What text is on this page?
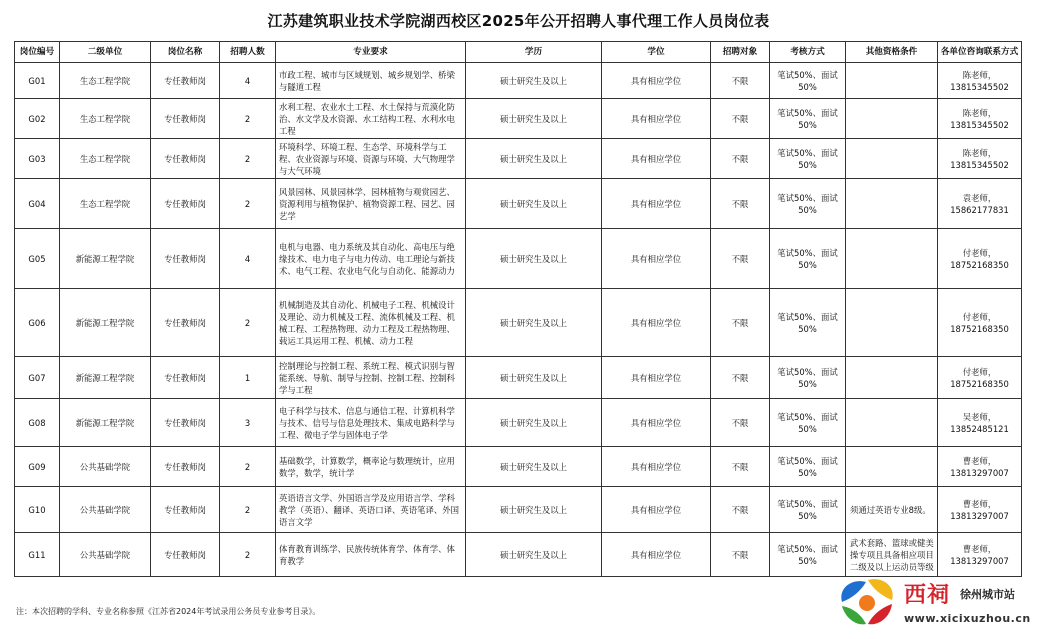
江苏建筑职业技术学院湖西校区2025年公开招聘人事代理工作人员岗位表
岗位编号	二级单位	岗位名称	招聘人数	专业要求	学历	学位	招聘对象	考核方式	其他资格条件	各单位咨询联系方式
G01	生态工程学院	专任教师岗	4	市政工程、城市与区域规划、城乡规划学、桥梁与隧道工程	硕士研究生及以上	具有相应学位	不限	笔试50%、面试50%		陈老师，13815345502
G02	生态工程学院	专任教师岗	2	水利工程、农业水土工程、水土保持与荒漠化防治、水文学及水资源、水工结构工程、水利水电工程	硕士研究生及以上	具有相应学位	不限	笔试50%、面试50%		陈老师，13815345502
G03	生态工程学院	专任教师岗	2	环境科学、环境工程、生态学、环境科学与工程、农业资源与环境、资源与环境、大气物理学与大气环境	硕士研究生及以上	具有相应学位	不限	笔试50%、面试50%		陈老师，13815345502
G04	生态工程学院	专任教师岗	2	风景园林、风景园林学、园林植物与观赏园艺、资源利用与植物保护、植物资源工程、园艺、园艺学	硕士研究生及以上	具有相应学位	不限	笔试50%、面试50%		袁老师，15862177831
G05	新能源工程学院	专任教师岗	4	电机与电器、电力系统及其自动化、高电压与绝缘技术、电力电子与电力传动、电工理论与新技术、电气工程、农业电气化与自动化、能源动力	硕士研究生及以上	具有相应学位	不限	笔试50%、面试50%		付老师，18752168350
G06	新能源工程学院	专任教师岗	2	机械制造及其自动化、机械电子工程、机械设计及理论、动力机械及工程、流体机械及工程、机械工程、工程热物理、动力工程及工程热物理、载运工具运用工程、机械、动力工程	硕士研究生及以上	具有相应学位	不限	笔试50%、面试50%		付老师，18752168350
G07	新能源工程学院	专任教师岗	1	控制理论与控制工程、系统工程、模式识别与智能系统、导航、制导与控制、控制工程、控制科学与工程	硕士研究生及以上	具有相应学位	不限	笔试50%、面试50%		付老师，18752168350
G08	新能源工程学院	专任教师岗	3	电子科学与技术、信息与通信工程、计算机科学与技术、信号与信息处理技术、集成电路科学与工程、微电子学与固体电子学	硕士研究生及以上	具有相应学位	不限	笔试50%、面试50%		吴老师，13852485121
G09	公共基础学院	专任教师岗	2	基础数学，计算数学，概率论与数理统计，应用数学，数学，统计学	硕士研究生及以上	具有相应学位	不限	笔试50%、面试50%		曹老师，13813297007
G10	公共基础学院	专任教师岗	2	英语语言文学、外国语言学及应用语言学、学科教学（英语）、翻译、英语口译、英语笔译、外国语言文学	硕士研究生及以上	具有相应学位	不限	笔试50%、面试50%	须通过英语专业8级。	曹老师，13813297007
G11	公共基础学院	专任教师岗	2	体育教育训练学、民族传统体育学、体育学、体育教学	硕士研究生及以上	具有相应学位	不限	笔试50%、面试50%	武术套路、篮球或健美操专项且具备相应项目二级及以上运动员等级	曹老师，13813297007
注：本次招聘的学科、专业名称参照《江苏省2024年考试录用公务员专业参考目录》。
西祠 徐州城市站
www.xicixuzhou.cn
